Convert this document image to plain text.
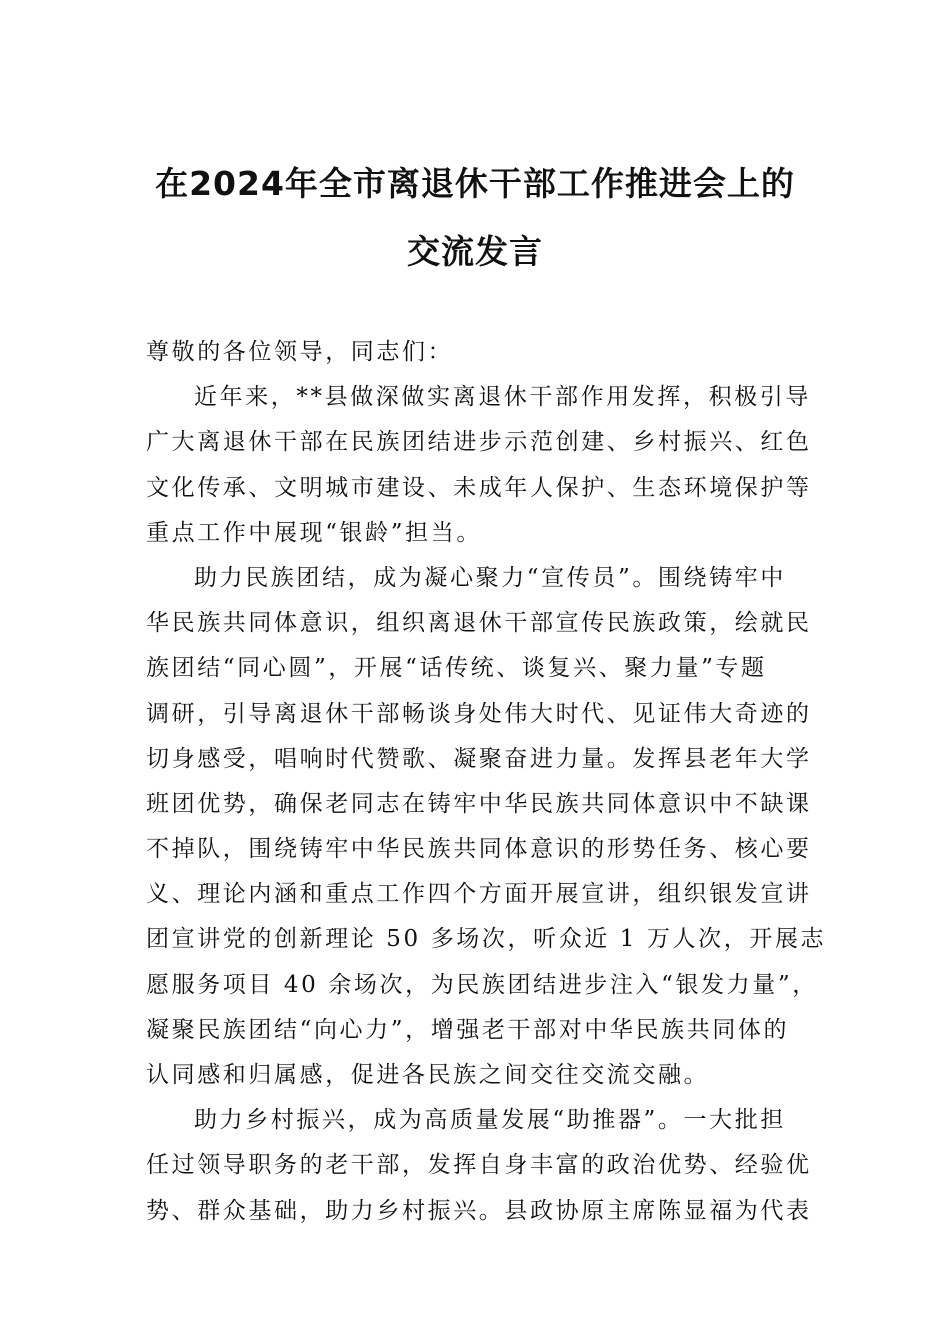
在2024年全市离退休干部工作推进会上的
交流发言
尊敬的各位领导，同志们：
近年来，**县做深做实离退休干部作用发挥，积极引导
广大离退休干部在民族团结进步示范创建、乡村振兴、红色
文化传承、文明城市建设、未成年人保护、生态环境保护等
重点工作中展现“银龄”担当。
助力民族团结，成为凝心聚力“宣传员”。围绕铸牢中
华民族共同体意识，组织离退休干部宣传民族政策，绘就民
族团结“同心圆”，开展“话传统、谈复兴、聚力量”专题
调研，引导离退休干部畅谈身处伟大时代、见证伟大奇迹的
切身感受，唱响时代赞歌、凝聚奋进力量。发挥县老年大学
班团优势，确保老同志在铸牢中华民族共同体意识中不缺课
不掉队，围绕铸牢中华民族共同体意识的形势任务、核心要
义、理论内涵和重点工作四个方面开展宣讲，组织银发宣讲
团宣讲党的创新理论 50 多场次，听众近 1 万人次，开展志
愿服务项目 40 余场次，为民族团结进步注入“银发力量”，
凝聚民族团结“向心力”，增强老干部对中华民族共同体的
认同感和归属感，促进各民族之间交往交流交融。
助力乡村振兴，成为高质量发展“助推器”。一大批担
任过领导职务的老干部，发挥自身丰富的政治优势、经验优
势、群众基础，助力乡村振兴。县政协原主席陈显福为代表
